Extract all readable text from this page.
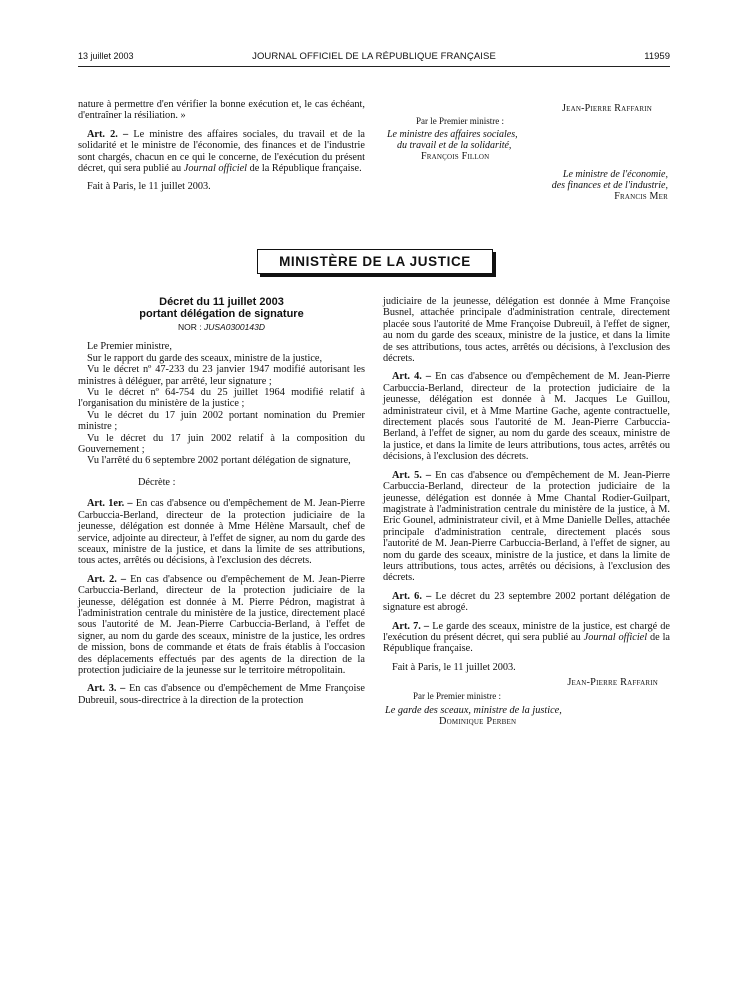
13 juillet 2003	JOURNAL OFFICIEL DE LA RÉPUBLIQUE FRANÇAISE	11959

nature à permettre d'en vérifier la bonne exécution et, le cas échéant, d'entraîner la résiliation. »

Art. 2. – Le ministre des affaires sociales, du travail et de la solidarité et le ministre de l'économie, des finances et de l'industrie sont chargés, chacun en ce qui le concerne, de l'exécution du présent décret, qui sera publié au Journal officiel de la République française.

Fait à Paris, le 11 juillet 2003.

Jean-Pierre Raffarin
Par le Premier ministre :
Le ministre des affaires sociales,
du travail et de la solidarité,
François Fillon
Le ministre de l'économie,
des finances et de l'industrie,
Francis Mer
MINISTÈRE DE LA JUSTICE
Décret du 11 juillet 2003
portant délégation de signature
NOR : JUSA0300143D

Le Premier ministre,

Sur le rapport du garde des sceaux, ministre de la justice,

Vu le décret nº 47-233 du 23 janvier 1947 modifié autorisant les ministres à déléguer, par arrêté, leur signature ;

Vu le décret nº 64-754 du 25 juillet 1964 modifié relatif à l'organisation du ministère de la justice ;

Vu le décret du 17 juin 2002 portant nomination du Premier ministre ;

Vu le décret du 17 juin 2002 relatif à la composition du Gouvernement ;

Vu l'arrêté du 6 septembre 2002 portant délégation de signature,

Décrète :

Art. 1er. – En cas d'absence ou d'empêchement de M. Jean-Pierre Carbuccia-Berland, directeur de la protection judiciaire de la jeunesse, délégation est donnée à Mme Hélène Marsault, chef de service, adjointe au directeur, à l'effet de signer, au nom du garde des sceaux, ministre de la justice, et dans la limite de ses attributions, tous actes, arrêtés ou décisions, à l'exclusion des décrets.

Art. 2. – En cas d'absence ou d'empêchement de M. Jean-Pierre Carbuccia-Berland, directeur de la protection judiciaire de la jeunesse, délégation est donnée à M. Pierre Pédron, magistrat à l'administration centrale du ministère de la justice, directement placé sous l'autorité de M. Jean-Pierre Carbuccia-Berland, à l'effet de signer, au nom du garde des sceaux, ministre de la justice, les ordres de mission, bons de commande et états de frais établis à l'occasion des déplacements effectués par des agents de la direction de la protection judiciaire de la jeunesse sur le territoire métropolitain.

Art. 3. – En cas d'absence ou d'empêchement de Mme Françoise Dubreuil, sous-directrice à la direction de la protection

judiciaire de la jeunesse, délégation est donnée à Mme Françoise Busnel, attachée principale d'administration centrale, directement placée sous l'autorité de Mme Françoise Dubreuil, à l'effet de signer, au nom du garde des sceaux, ministre de la justice, et dans la limite de ses attributions, tous actes, arrêtés ou décisions, à l'exclusion des décrets.

Art. 4. – En cas d'absence ou d'empêchement de M. Jean-Pierre Carbuccia-Berland, directeur de la protection judiciaire de la jeunesse, délégation est donnée à M. Jacques Le Guillou, administrateur civil, et à Mme Martine Gache, agente contractuelle, directement placés sous l'autorité de M. Jean-Pierre Carbuccia-Berland, à l'effet de signer, au nom du garde des sceaux, ministre de la justice, et dans la limite de leurs attributions, tous actes, arrêtés ou décisions, à l'exclusion des décrets.

Art. 5. – En cas d'absence ou d'empêchement de M. Jean-Pierre Carbuccia-Berland, directeur de la protection judiciaire de la jeunesse, délégation est donnée à Mme Chantal Rodier-Guilpart, magistrate à l'administration centrale du ministère de la justice, à M. Eric Gounel, administrateur civil, et à Mme Danielle Delles, attachée principale d'administration centrale, directement placés sous l'autorité de M. Jean-Pierre Carbuccia-Berland, à l'effet de signer, au nom du garde des sceaux, ministre de la justice, et dans la limite de leurs attributions, tous actes, arrêtés ou décisions, à l'exclusion des décrets.

Art. 6. – Le décret du 23 septembre 2002 portant délégation de signature est abrogé.

Art. 7. – Le garde des sceaux, ministre de la justice, est chargé de l'exécution du présent décret, qui sera publié au Journal officiel de la République française.

Fait à Paris, le 11 juillet 2003.

Jean-Pierre Raffarin

Par le Premier ministre :

Le garde des sceaux, ministre de la justice,

Dominique Perben
